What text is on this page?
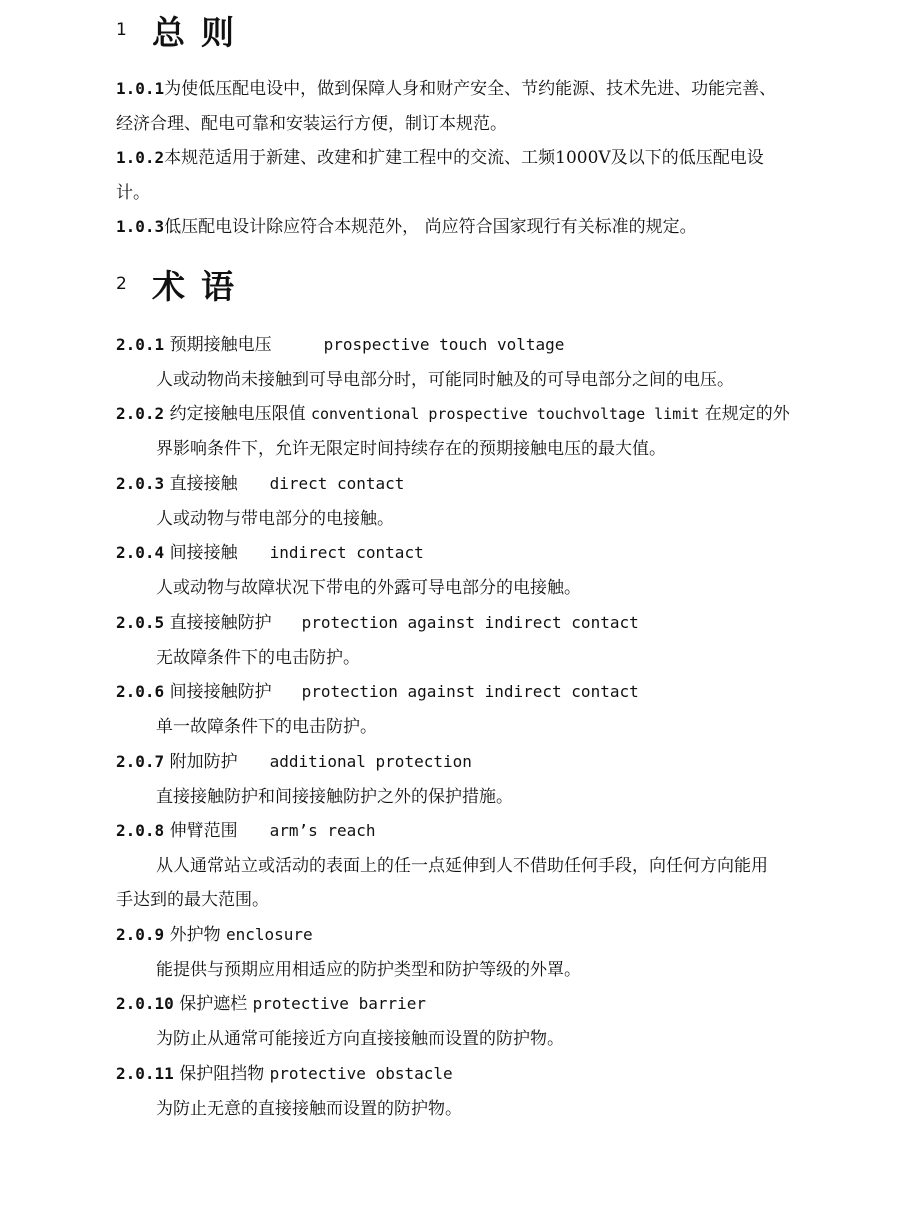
1 总则
1.0.1为使低压配电设中，做到保障人身和财产安全、节约能源、技术先进、功能完善、
经济合理、配电可靠和安装运行方便，制订本规范。
1.0.2本规范适用于新建、改建和扩建工程中的交流、工频1000V及以下的低压配电设
计。
1.0.3低压配电设计除应符合本规范外， 尚应符合国家现行有关标准的规定。
2 术语
2.0.1 预期接触电压	prospective touch voltage
人或动物尚未接触到可导电部分时，可能同时触及的可导电部分之间的电压。
2.0.2 约定接触电压限值 conventional prospective touchvoltage limit 在规定的外
界影响条件下，允许无限定时间持续存在的预期接触电压的最大值。
2.0.3 直接接触 direct contact
人或动物与带电部分的电接触。
2.0.4 间接接触 indirect contact
人或动物与故障状况下带电的外露可导电部分的电接触。
2.0.5 直接接触防护 protection against indirect contact
无故障条件下的电击防护。
2.0.6 间接接触防护 protection against indirect contact
单一故障条件下的电击防护。
2.0.7 附加防护 additional protection
直接接触防护和间接接触防护之外的保护措施。
2.0.8 伸臂范围 arm’s reach
从人通常站立或活动的表面上的任一点延伸到人不借助任何手段，向任何方向能用
手达到的最大范围。
2.0.9 外护物 enclosure
能提供与预期应用相适应的防护类型和防护等级的外罩。
2.0.10 保护遮栏 protective barrier
为防止从通常可能接近方向直接接触而设置的防护物。
2.0.11 保护阻挡物 protective obstacle
为防止无意的直接接触而设置的防护物。
